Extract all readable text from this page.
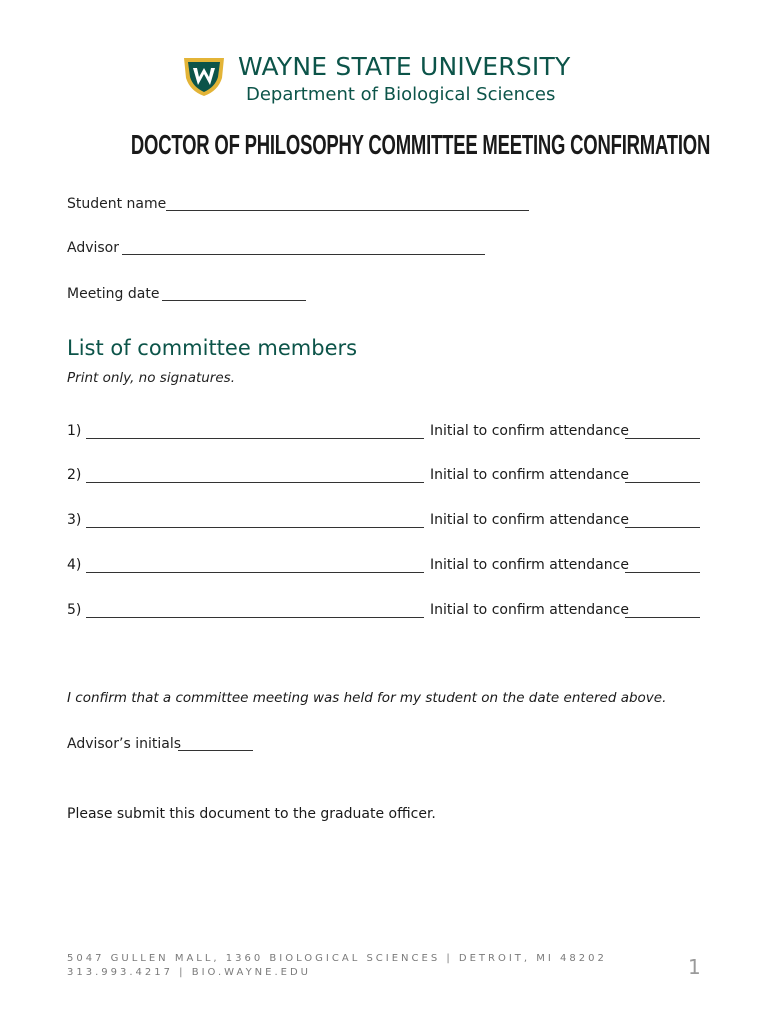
WAYNE STATE UNIVERSITY
Department of Biological Sciences
DOCTOR OF PHILOSOPHY COMMITTEE MEETING CONFIRMATION
Student name
Advisor
Meeting date
List of committee members
Print only, no signatures.
1)	Initial to confirm attendance
2)	Initial to confirm attendance
3)	Initial to confirm attendance
4)	Initial to confirm attendance
5)	Initial to confirm attendance
I confirm that a committee meeting was held for my student on the date entered above.
Advisor’s initials
Please submit this document to the graduate officer.
5047 GULLEN MALL, 1360 BIOLOGICAL SCIENCES | DETROIT, MI 48202
313.993.4217 | BIO.WAYNE.EDU	1
